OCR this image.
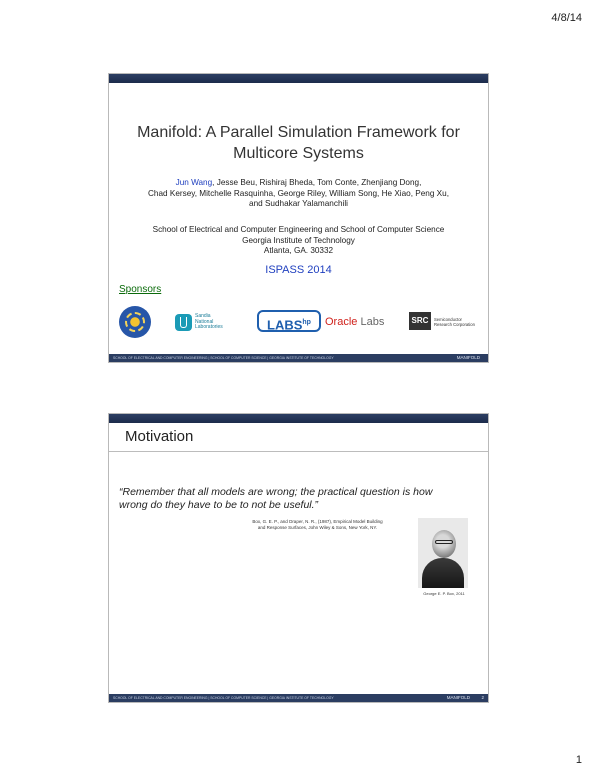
4/8/14
Manifold: A Parallel Simulation Framework for
Multicore Systems
Jun Wang, Jesse Beu, Rishiraj Bheda, Tom Conte, Zhenjiang Dong,
Chad Kersey, Mitchelle Rasquinha, George Riley, William Song, He Xiao, Peng Xu,
and Sudhakar Yalamanchili
School of Electrical and Computer Engineering and School of Computer Science
Georgia Institute of Technology
Atlanta, GA. 30332
ISPASS 2014
Sponsors
Sandia
National
Laboratories	$LABS^{hp}$	Oracle Labs	SRC	Semiconductor
Research Corporation
SCHOOL OF ELECTRICAL AND COMPUTER ENGINEERING | SCHOOL OF COMPUTER SCIENCE | GEORGIA INSTITUTE OF TECHNOLOGY	MANIFOLD
Motivation
“Remember that all models are wrong; the practical question is how
wrong do they have to be to not be useful.”
Box, G. E. P., and Draper, N. R., (1987), Empirical Model Building
and Response Surfaces, John Wiley & Sons, New York, NY.
George E. P. Box, 2011
SCHOOL OF ELECTRICAL AND COMPUTER ENGINEERING | SCHOOL OF COMPUTER SCIENCE | GEORGIA INSTITUTE OF TECHNOLOGY	MANIFOLD	2
1
